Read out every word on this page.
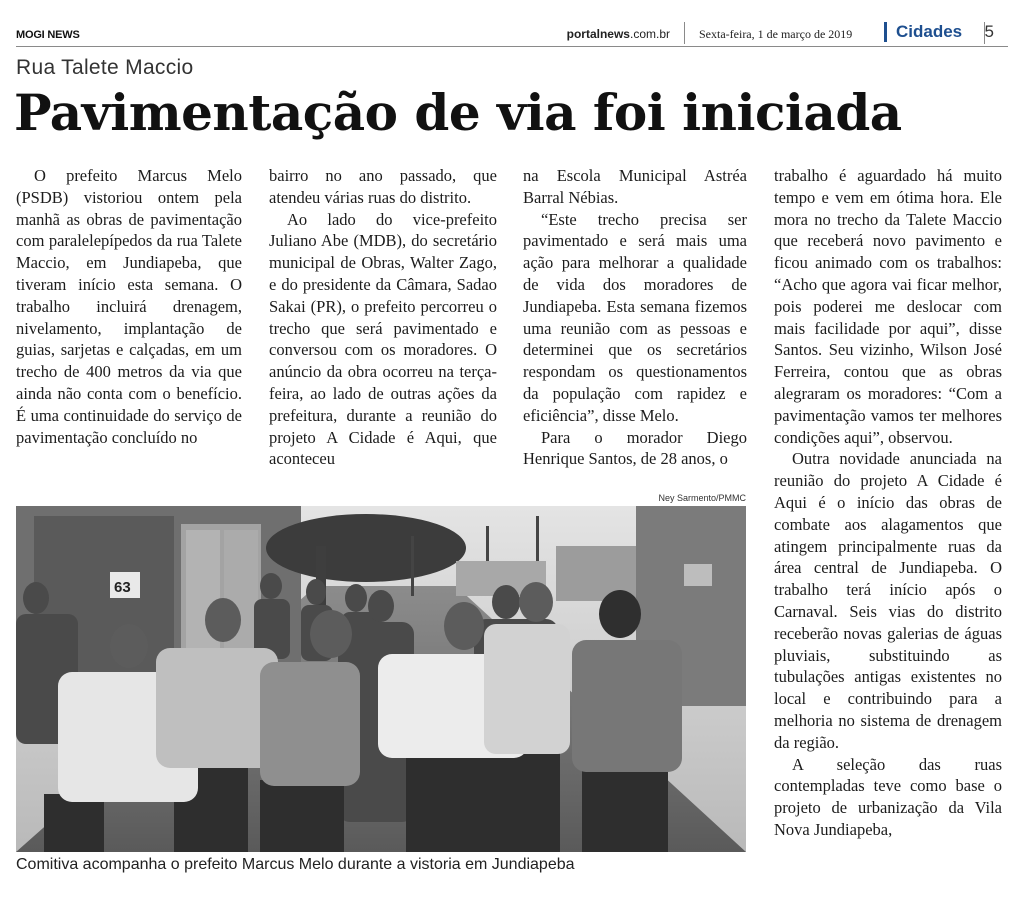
MOGI NEWS	portalnews.com.br Sexta-feira, 1 de março de 2019	Cidades	5
Rua Talete Maccio
Pavimentação de via foi iniciada

O prefeito Marcus Melo (PSDB) vistoriou ontem pela manhã as obras de pavimentação com paralelepípedos da rua Talete Maccio, em Jundiapeba, que tiveram início esta semana. O trabalho incluirá drenagem, nivelamento, implantação de guias, sarjetas e calçadas, em um trecho de 400 metros da via que ainda não conta com o benefício. É uma continuidade do serviço de pavimentação concluído no

bairro no ano passado, que atendeu várias ruas do distrito.

Ao lado do vice-prefeito Juliano Abe (MDB), do secretário municipal de Obras, Walter Zago, e do presidente da Câmara, Sadao Sakai (PR), o prefeito percorreu o trecho que será pavimentado e conversou com os moradores. O anúncio da obra ocorreu na terça-feira, ao lado de outras ações da prefeitura, durante a reunião do projeto A Cidade é Aqui, que aconteceu

na Escola Municipal Astréa Barral Nébias.

“Este trecho precisa ser pavimentado e será mais uma ação para melhorar a qualidade de vida dos moradores de Jundiapeba. Esta semana fizemos uma reunião com as pessoas e determinei que os secretários respondam os questionamentos da população com rapidez e eficiência”, disse Melo.

Para o morador Diego Henrique Santos, de 28 anos, o

trabalho é aguardado há muito tempo e vem em ótima hora. Ele mora no trecho da Talete Maccio que receberá novo pavimento e ficou animado com os trabalhos: “Acho que agora vai ficar melhor, pois poderei me deslocar com mais facilidade por aqui”, disse Santos. Seu vizinho, Wilson José Ferreira, contou que as obras alegraram os moradores: “Com a pavimentação vamos ter melhores condições aqui”, observou.

Outra novidade anunciada na reunião do projeto A Cidade é Aqui é o início das obras de combate aos alagamentos que atingem principalmente ruas da área central de Jundiapeba. O trabalho terá início após o Carnaval. Seis vias do distrito receberão novas galerias de águas pluviais, substituindo as tubulações antigas existentes no local e contribuindo para a melhoria no sistema de drenagem da região.

A seleção das ruas contempladas teve como base o projeto de urbanização da Vila Nova Jundiapeba,

Ney Sarmento/PMMC
63
Comitiva acompanha o prefeito Marcus Melo durante a vistoria em Jundiapeba
